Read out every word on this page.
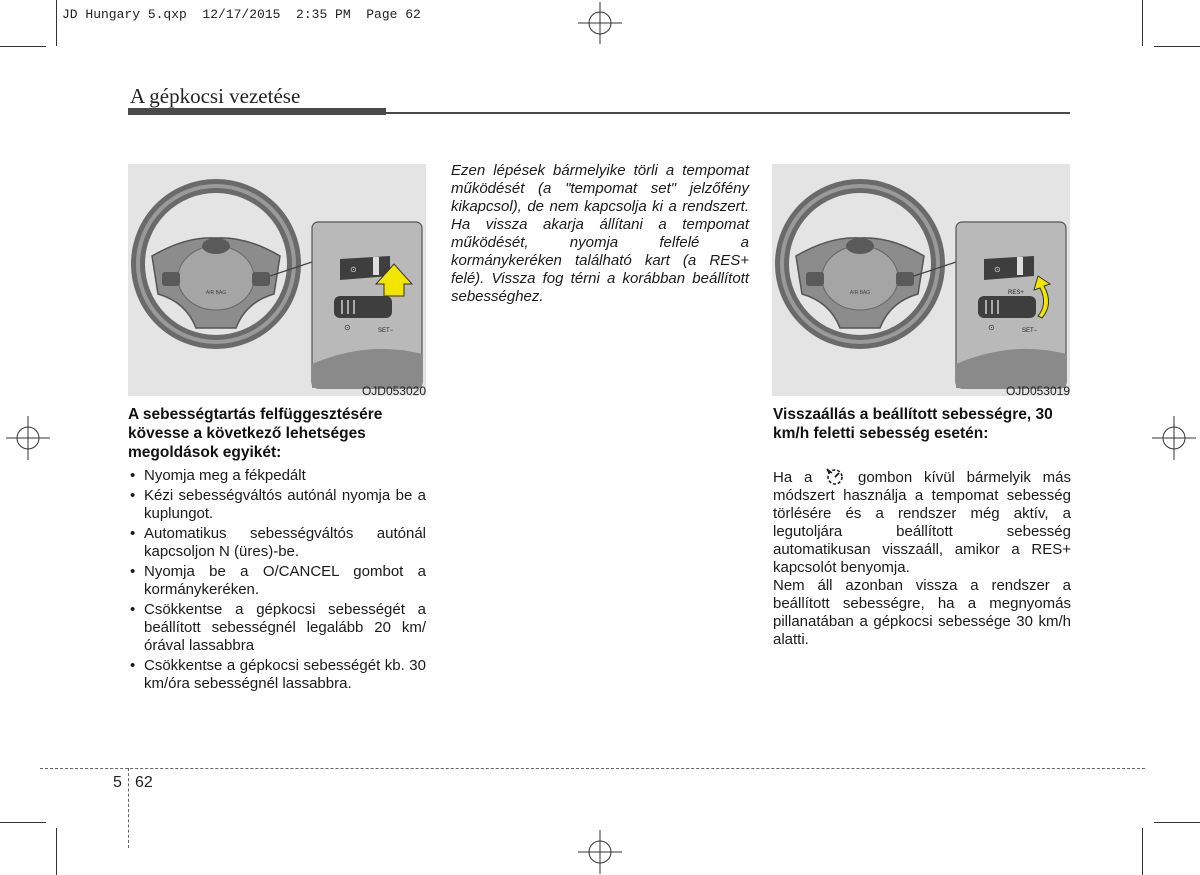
JD Hungary 5.qxp  12/17/2015  2:35 PM  Page 62
A gépkocsi vezetése
AIR BAG
⊙
⊙	SET−
OJD053020
AIR BAG
⊙
RES+
⊙	SET−
OJD053019
A sebességtartás felfüggesztésére kövesse a következő lehetséges megoldások egyikét:
• Nyomja meg a fékpedált
• Kézi sebességváltós autónál nyomja be a kuplungot.
• Automatikus sebességváltós autónál kapcsoljon N (üres)-be.
• Nyomja be a O/CANCEL gombot a kormánykeréken.
• Csökkentse a gépkocsi sebességét a beállított sebességnél legalább 20 km/órával lassabbra
• Csökkentse a gépkocsi sebességét kb. 30 km/óra sebességnél lassabbra.
Ezen lépések bármelyike törli a tempomat működését (a "tempomat set" jelzőfény kikapcsol), de nem kapcsolja ki a rendszert. Ha vissza akarja állítani a tempomat működését, nyomja felfelé a kormánykeréken található kart (a RES+ felé). Vissza fog térni a korábban beállított sebességhez.
Visszaállás a beállított sebességre, 30 km/h feletti sebesség esetén:
Ha a	gombon kívül bármelyik más módszert használja a tempomat sebesség törlésére és a rendszer még aktív, a legutoljára beállított sebesség automatikusan visszaáll, amikor a RES+ kapcsolót benyomja.
Nem áll azonban vissza a rendszer a beállított sebességre, ha a megnyomás pillanatában a gépkocsi sebessége 30 km/h alatti.
5 62
